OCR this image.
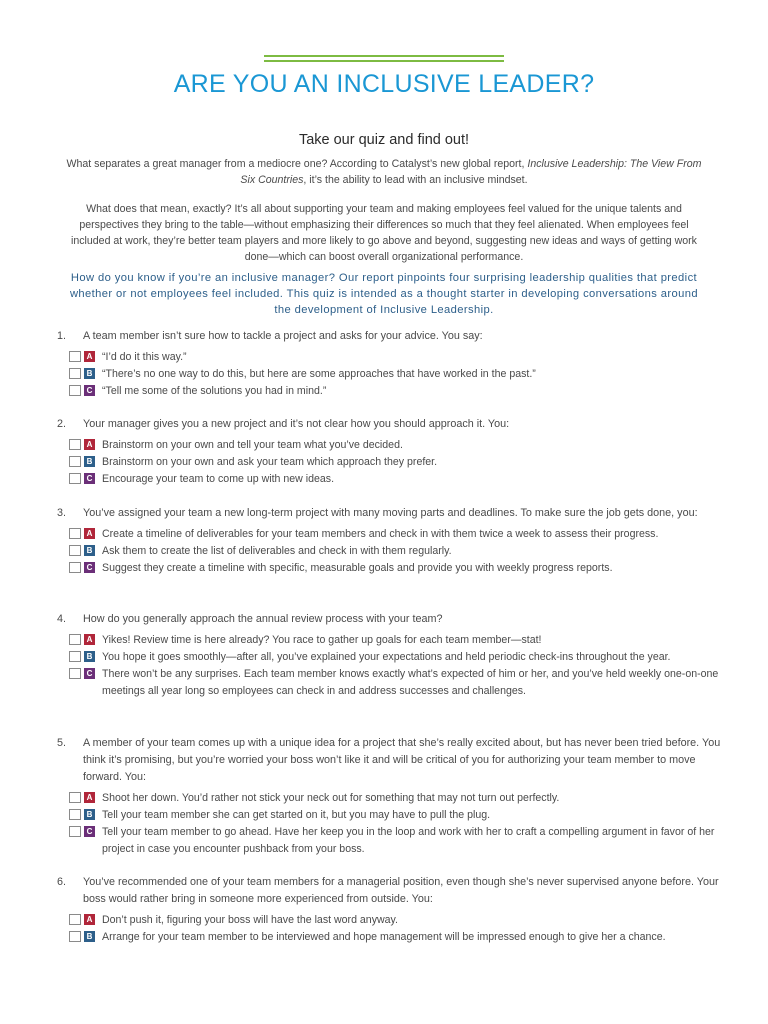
ARE YOU AN INCLUSIVE LEADER?
Take our quiz and find out!

What separates a great manager from a mediocre one? According to Catalyst’s new global report, Inclusive Leadership: The View From Six Countries, it’s the ability to lead with an inclusive mindset.

What does that mean, exactly? It’s all about supporting your team and making employees feel valued for the unique talents and perspectives they bring to the table—without emphasizing their differences so much that they feel alienated. When employees feel included at work, they’re better team players and more likely to go above and beyond, suggesting new ideas and ways of getting work done—which can boost overall organizational performance.

How do you know if you’re an inclusive manager? Our report pinpoints four surprising leadership qualities that predict whether or not employees feel included. This quiz is intended as a thought starter in developing conversations around the development of Inclusive Leadership.

1.	A team member isn’t sure how to tackle a project and asks for your advice. You say:
A “I’d do it this way.”
B “There’s no one way to do this, but here are some approaches that have worked in the past.”
C “Tell me some of the solutions you had in mind.”
2.	Your manager gives you a new project and it’s not clear how you should approach it. You:
A Brainstorm on your own and tell your team what you’ve decided.
B Brainstorm on your own and ask your team which approach they prefer.
C Encourage your team to come up with new ideas.
3.	You’ve assigned your team a new long-term project with many moving parts and deadlines. To make sure the job gets done, you:
A Create a timeline of deliverables for your team members and check in with them twice a week to assess their progress.
B Ask them to create the list of deliverables and check in with them regularly.
C Suggest they create a timeline with specific, measurable goals and provide you with weekly progress reports.
4.	How do you generally approach the annual review process with your team?
A Yikes! Review time is here already? You race to gather up goals for each team member—stat!
B You hope it goes smoothly—after all, you’ve explained your expectations and held periodic check-ins throughout the year.
C There won’t be any surprises. Each team member knows exactly what’s expected of him or her, and you’ve held weekly one-on-one meetings all year long so employees can check in and address successes and challenges.
5.	A member of your team comes up with a unique idea for a project that she’s really excited about, but has never been tried before. You think it’s promising, but you’re worried your boss won’t like it and will be critical of you for authorizing your team member to move forward. You:
A Shoot her down. You’d rather not stick your neck out for something that may not turn out perfectly.
B Tell your team member she can get started on it, but you may have to pull the plug.
C Tell your team member to go ahead. Have her keep you in the loop and work with her to craft a compelling argument in favor of her project in case you encounter pushback from your boss.
6.	You’ve recommended one of your team members for a managerial position, even though she’s never supervised anyone before. Your boss would rather bring in someone more experienced from outside. You:
A Don’t push it, figuring your boss will have the last word anyway.
B Arrange for your team member to be interviewed and hope management will be impressed enough to give her a chance.
